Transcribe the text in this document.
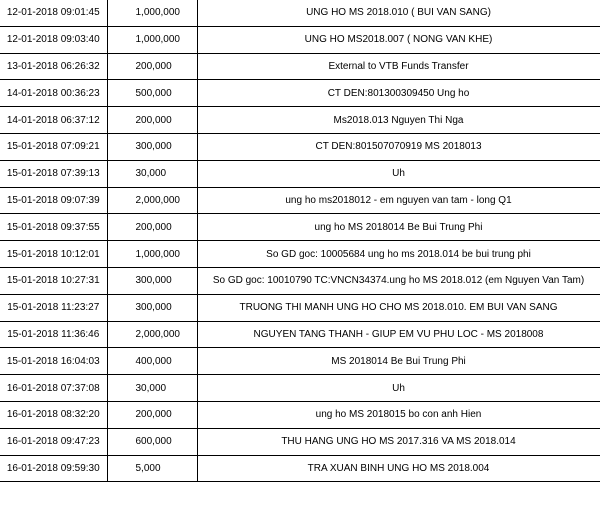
12-01-2018 09:01:45	1,000,000	UNG HO MS 2018.010 ( BUI VAN SANG)
12-01-2018 09:03:40	1,000,000	UNG HO MS2018.007 ( NONG VAN KHE)
13-01-2018 06:26:32	200,000	External to VTB Funds Transfer
14-01-2018 00:36:23	500,000	CT DEN:801300309450 Ung ho
14-01-2018 06:37:12	200,000	Ms2018.013 Nguyen Thi Nga
15-01-2018 07:09:21	300,000	CT DEN:801507070919 MS 2018013
15-01-2018 07:39:13	30,000	Uh
15-01-2018 09:07:39	2,000,000	ung ho ms2018012 - em nguyen van tam - long Q1
15-01-2018 09:37:55	200,000	ung ho MS 2018014 Be Bui Trung Phi
15-01-2018 10:12:01	1,000,000	So GD goc: 10005684 ung ho ms 2018.014 be bui trung phi
15-01-2018 10:27:31	300,000	So GD goc: 10010790 TC:VNCN34374.ung ho MS 2018.012 (em Nguyen Van Tam)
15-01-2018 11:23:27	300,000	TRUONG THI MANH UNG HO CHO MS 2018.010. EM BUI VAN SANG
15-01-2018 11:36:46	2,000,000	NGUYEN TANG THANH - GIUP EM VU PHU LOC - MS 2018008
15-01-2018 16:04:03	400,000	MS 2018014 Be Bui Trung Phi
16-01-2018 07:37:08	30,000	Uh
16-01-2018 08:32:20	200,000	ung ho MS 2018015 bo con anh Hien
16-01-2018 09:47:23	600,000	THU HANG UNG HO MS 2017.316 VA MS 2018.014
16-01-2018 09:59:30	5,000	TRA XUAN BINH UNG HO MS 2018.004
